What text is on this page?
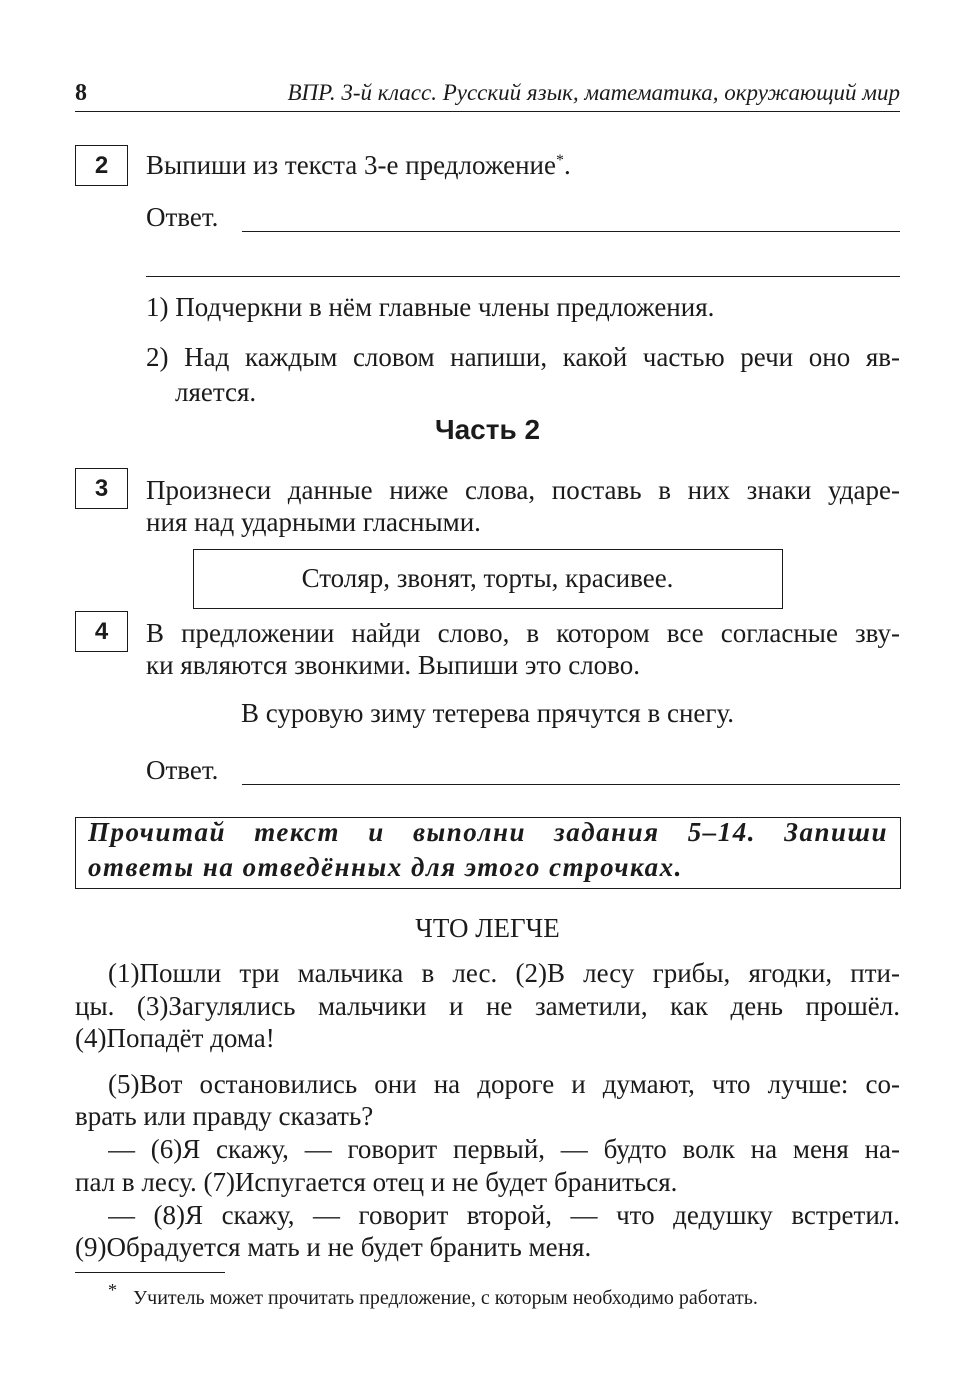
8	ВПР. 3-й класс. Русский язык, математика, окружающий мир
2 Выпиши из текста 3-е предложение*.
Ответ.
1) Подчеркни в нём главные члены предложения.
2) Над каждым словом напиши, какой частью речи оно яв-
ляется.
Часть 2
3 Произнеси данные ниже слова, поставь в них знаки ударе-
ния над ударными гласными.
Столяр, звонят, торты, красивее.
4 В предложении найди слово, в котором все согласные зву-
ки являются звонкими. Выпиши это слово.
В суровую зиму тетерева прячутся в снегу.
Ответ.
Прочитай текст и выполни задания 5–14. Запиши
ответы на отведённых для этого строчках.
ЧТО ЛЕГЧЕ
(1)Пошли три мальчика в лес. (2)В лесу грибы, ягодки, пти-
цы. (3)Загулялись мальчики и не заметили, как день прошёл.
(4)Попадёт дома!
(5)Вот остановились они на дороге и думают, что лучше: со-
врать или правду сказать?
— (6)Я скажу, — говорит первый, — будто волк на меня на-
пал в лесу. (7)Испугается отец и не будет браниться.
— (8)Я скажу, — говорит второй, — что дедушку встретил.
(9)Обрадуется мать и не будет бранить меня.
* Учитель может прочитать предложение, с которым необходимо работать.
